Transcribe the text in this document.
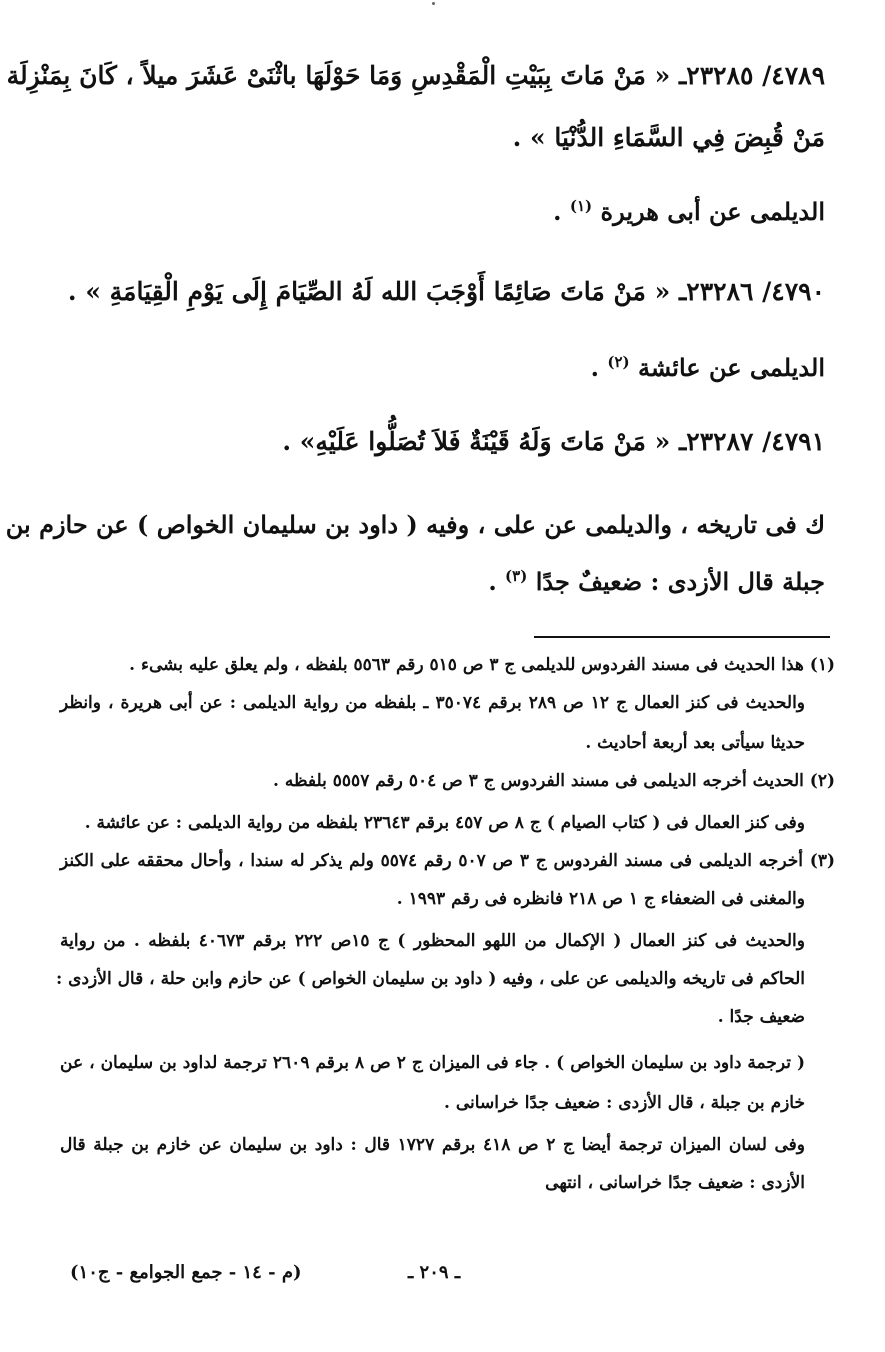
٤٧٨٩/ ٢٣٢٨٥ـ « مَنْ مَاتَ بِبَيْتِ الْمَقْدِسِ وَمَا حَوْلَهَا باثْنَىْ عَشَرَ ميلاً ، كَانَ بِمَنْزِلَة
مَنْ قُبِضَ فِي السَّمَاءِ الدُّنْيَا » .
الديلمى عن أبى هريرة $^{(١)}$ .
٤٧٩٠/ ٢٣٢٨٦ـ « مَنْ مَاتَ صَائِمًا أَوْجَبَ الله لَهُ الصِّيَامَ إِلَى يَوْمِ الْقِيَامَةِ » .
الديلمى عن عائشة $^{(٢)}$ .
٤٧٩١/ ٢٣٢٨٧ـ « مَنْ مَاتَ وَلَهُ قَيْنَةٌ فَلاَ تُصَلُّوا عَلَيْهِ» .
ك فى تاريخه ، والديلمى عن على ، وفيه ( داود بن سليمان الخواص ) عن حازم بن
جبلة قال الأزدى : ضعيفٌ جدًا $^{(٣)}$ .
(١) هذا الحديث فى مسند الفردوس للديلمى ج ٣ ص ٥١٥ رقم ٥٥٦٣ بلفظه ، ولم يعلق عليه بشىء .
والحديث فى كنز العمال ج ١٢ ص ٢٨٩ برقم ٣٥٠٧٤ ـ بلفظه من رواية الديلمى : عن أبى هريرة ، وانظر
حديثا سيأتى بعد أربعة أحاديث .
(٢) الحديث أخرجه الديلمى فى مسند الفردوس ج ٣ ص ٥٠٤ رقم ٥٥٥٧ بلفظه .
وفى كنز العمال فى ( كتاب الصيام ) ج ٨ ص ٤٥٧ برقم ٢٣٦٤٣ بلفظه من رواية الديلمى : عن عائشة .
(٣) أخرجه الديلمى فى مسند الفردوس ج ٣ ص ٥٠٧ رقم ٥٥٧٤ ولم يذكر له سندا ، وأحال محققه على الكنز
والمغنى فى الضعفاء ج ١ ص ٢١٨ فانظره فى رقم ١٩٩٣ .
والحديث فى كنز العمال ( الإكمال من اللهو المحظور ) ج ١٥ص ٢٢٢ برقم ٤٠٦٧٣ بلفظه . من رواية
الحاكم فى تاريخه والديلمى عن على ، وفيه ( داود بن سليمان الخواص ) عن حازم وابن حلة ، قال الأزدى :
ضعيف جدًا .
( ترجمة داود بن سليمان الخواص ) . جاء فى الميزان ج ٢ ص ٨ برقم ٢٦٠٩ ترجمة لداود بن سليمان ، عن
خازم بن جبلة ، قال الأزدى : ضعيف جدًا خراسانى .
وفى لسان الميزان ترجمة أيضا ج ٢ ص ٤١٨ برقم ١٧٢٧ قال : داود بن سليمان عن خازم بن جبلة قال
الأزدى : ضعيف جدًا خراسانى ، انتهى
ـ ٢٠٩ ـ
(م - ١٤ - جمع الجوامع - ج١٠)
